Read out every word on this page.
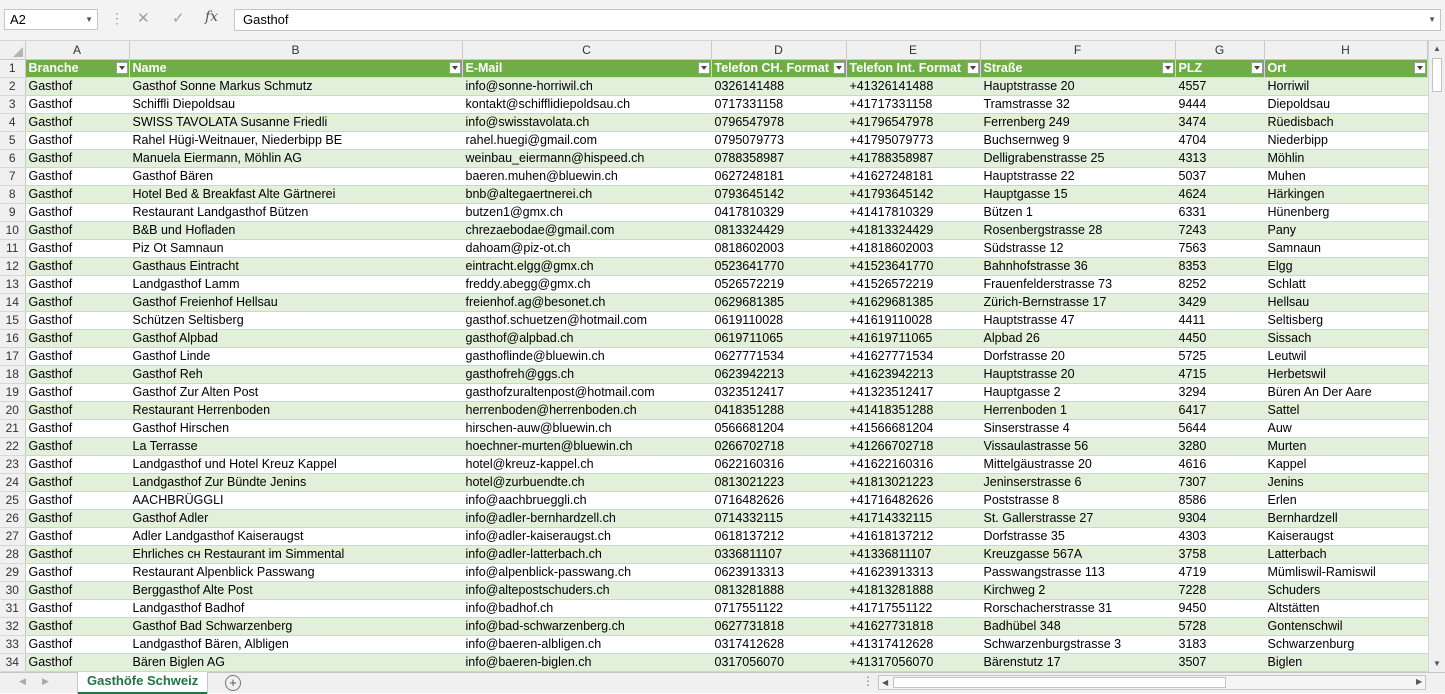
A2	▼ ⋮ ✕ ✓ fx	Gasthof	▼
	A	B	C	D	E	F	G	H
1	Branche	Name	E-Mail	Telefon CH. Format	Telefon Int. Format	Straße	PLZ	Ort

2	Gasthof	Gasthof Sonne Markus Schmutz	info@sonne-horriwil.ch	0326141488	+41326141488	Hauptstrasse 20	4557	Horriwil
3	Gasthof	Schiffli Diepoldsau	kontakt@schifflidiepoldsau.ch	0717331158	+41717331158	Tramstrasse 32	9444	Diepoldsau
4	Gasthof	SWISS TAVOLATA Susanne Friedli	info@swisstavolata.ch	0796547978	+41796547978	Ferrenberg 249	3474	Rüedisbach
5	Gasthof	Rahel Hügi-Weitnauer, Niederbipp BE	rahel.huegi@gmail.com	0795079773	+41795079773	Buchsernweg 9	4704	Niederbipp
6	Gasthof	Manuela Eiermann, Möhlin AG	weinbau_eiermann@hispeed.ch	0788358987	+41788358987	Delligrabenstrasse 25	4313	Möhlin
7	Gasthof	Gasthof Bären	baeren.muhen@bluewin.ch	0627248181	+41627248181	Hauptstrasse 22	5037	Muhen
8	Gasthof	Hotel Bed & Breakfast Alte Gärtnerei	bnb@altegaertnerei.ch	0793645142	+41793645142	Hauptgasse 15	4624	Härkingen
9	Gasthof	Restaurant Landgasthof Bützen	butzen1@gmx.ch	0417810329	+41417810329	Bützen 1	6331	Hünenberg
10	Gasthof	B&B und Hofladen	chrezaebodae@gmail.com	0813324429	+41813324429	Rosenbergstrasse 28	7243	Pany
11	Gasthof	Piz Ot Samnaun	dahoam@piz-ot.ch	0818602003	+41818602003	Südstrasse 12	7563	Samnaun
12	Gasthof	Gasthaus Eintracht	eintracht.elgg@gmx.ch	0523641770	+41523641770	Bahnhofstrasse 36	8353	Elgg
13	Gasthof	Landgasthof Lamm	freddy.abegg@gmx.ch	0526572219	+41526572219	Frauenfelderstrasse 73	8252	Schlatt
14	Gasthof	Gasthof Freienhof Hellsau	freienhof.ag@besonet.ch	0629681385	+41629681385	Zürich-Bernstrasse 17	3429	Hellsau
15	Gasthof	Schützen Seltisberg	gasthof.schuetzen@hotmail.com	0619110028	+41619110028	Hauptstrasse 47	4411	Seltisberg
16	Gasthof	Gasthof Alpbad	gasthof@alpbad.ch	0619711065	+41619711065	Alpbad 26	4450	Sissach
17	Gasthof	Gasthof Linde	gasthoflinde@bluewin.ch	0627771534	+41627771534	Dorfstrasse 20	5725	Leutwil
18	Gasthof	Gasthof Reh	gasthofreh@ggs.ch	0623942213	+41623942213	Hauptstrasse 20	4715	Herbetswil
19	Gasthof	Gasthof Zur Alten Post	gasthofzuraltenpost@hotmail.com	0323512417	+41323512417	Hauptgasse 2	3294	Büren An Der Aare
20	Gasthof	Restaurant Herrenboden	herrenboden@herrenboden.ch	0418351288	+41418351288	Herrenboden 1	6417	Sattel
21	Gasthof	Gasthof Hirschen	hirschen-auw@bluewin.ch	0566681204	+41566681204	Sinserstrasse 4	5644	Auw
22	Gasthof	La Terrasse	hoechner-murten@bluewin.ch	0266702718	+41266702718	Vissaulastrasse 56	3280	Murten
23	Gasthof	Landgasthof und Hotel Kreuz Kappel	hotel@kreuz-kappel.ch	0622160316	+41622160316	Mittelgäustrasse 20	4616	Kappel
24	Gasthof	Landgasthof Zur Bündte Jenins	hotel@zurbuendte.ch	0813021223	+41813021223	Jeninserstrasse 6	7307	Jenins
25	Gasthof	AACHBRÜGGLI	info@aachbrueggli.ch	0716482626	+41716482626	Poststrasse 8	8586	Erlen
26	Gasthof	Gasthof Adler	info@adler-bernhardzell.ch	0714332115	+41714332115	St. Gallerstrasse 27	9304	Bernhardzell
27	Gasthof	Adler Landgasthof Kaiseraugst	info@adler-kaiseraugst.ch	0618137212	+41618137212	Dorfstrasse 35	4303	Kaiseraugst
28	Gasthof	Ehrliches ᴄʜ Restaurant im Simmental	info@adler-latterbach.ch	0336811107	+41336811107	Kreuzgasse 567A	3758	Latterbach
29	Gasthof	Restaurant Alpenblick Passwang	info@alpenblick-passwang.ch	0623913313	+41623913313	Passwangstrasse 113	4719	Mümliswil-Ramiswil
30	Gasthof	Berggasthof Alte Post	info@altepostschuders.ch	0813281888	+41813281888	Kirchweg 2	7228	Schuders
31	Gasthof	Landgasthof Badhof	info@badhof.ch	0717551122	+41717551122	Rorschacherstrasse 31	9450	Altstätten
32	Gasthof	Gasthof Bad Schwarzenberg	info@bad-schwarzenberg.ch	0627731818	+41627731818	Badhübel 348	5728	Gontenschwil
33	Gasthof	Landgasthof Bären, Albligen	info@baeren-albligen.ch	0317412628	+41317412628	Schwarzenburgstrasse 3	3183	Schwarzenburg
34	Gasthof	Bären Biglen AG	info@baeren-biglen.ch	0317056070	+41317056070	Bärenstutz 17	3507	Biglen
▲
▼
◀ ▶	Gasthöfe Schweiz	+	⋮ ◀	▶
